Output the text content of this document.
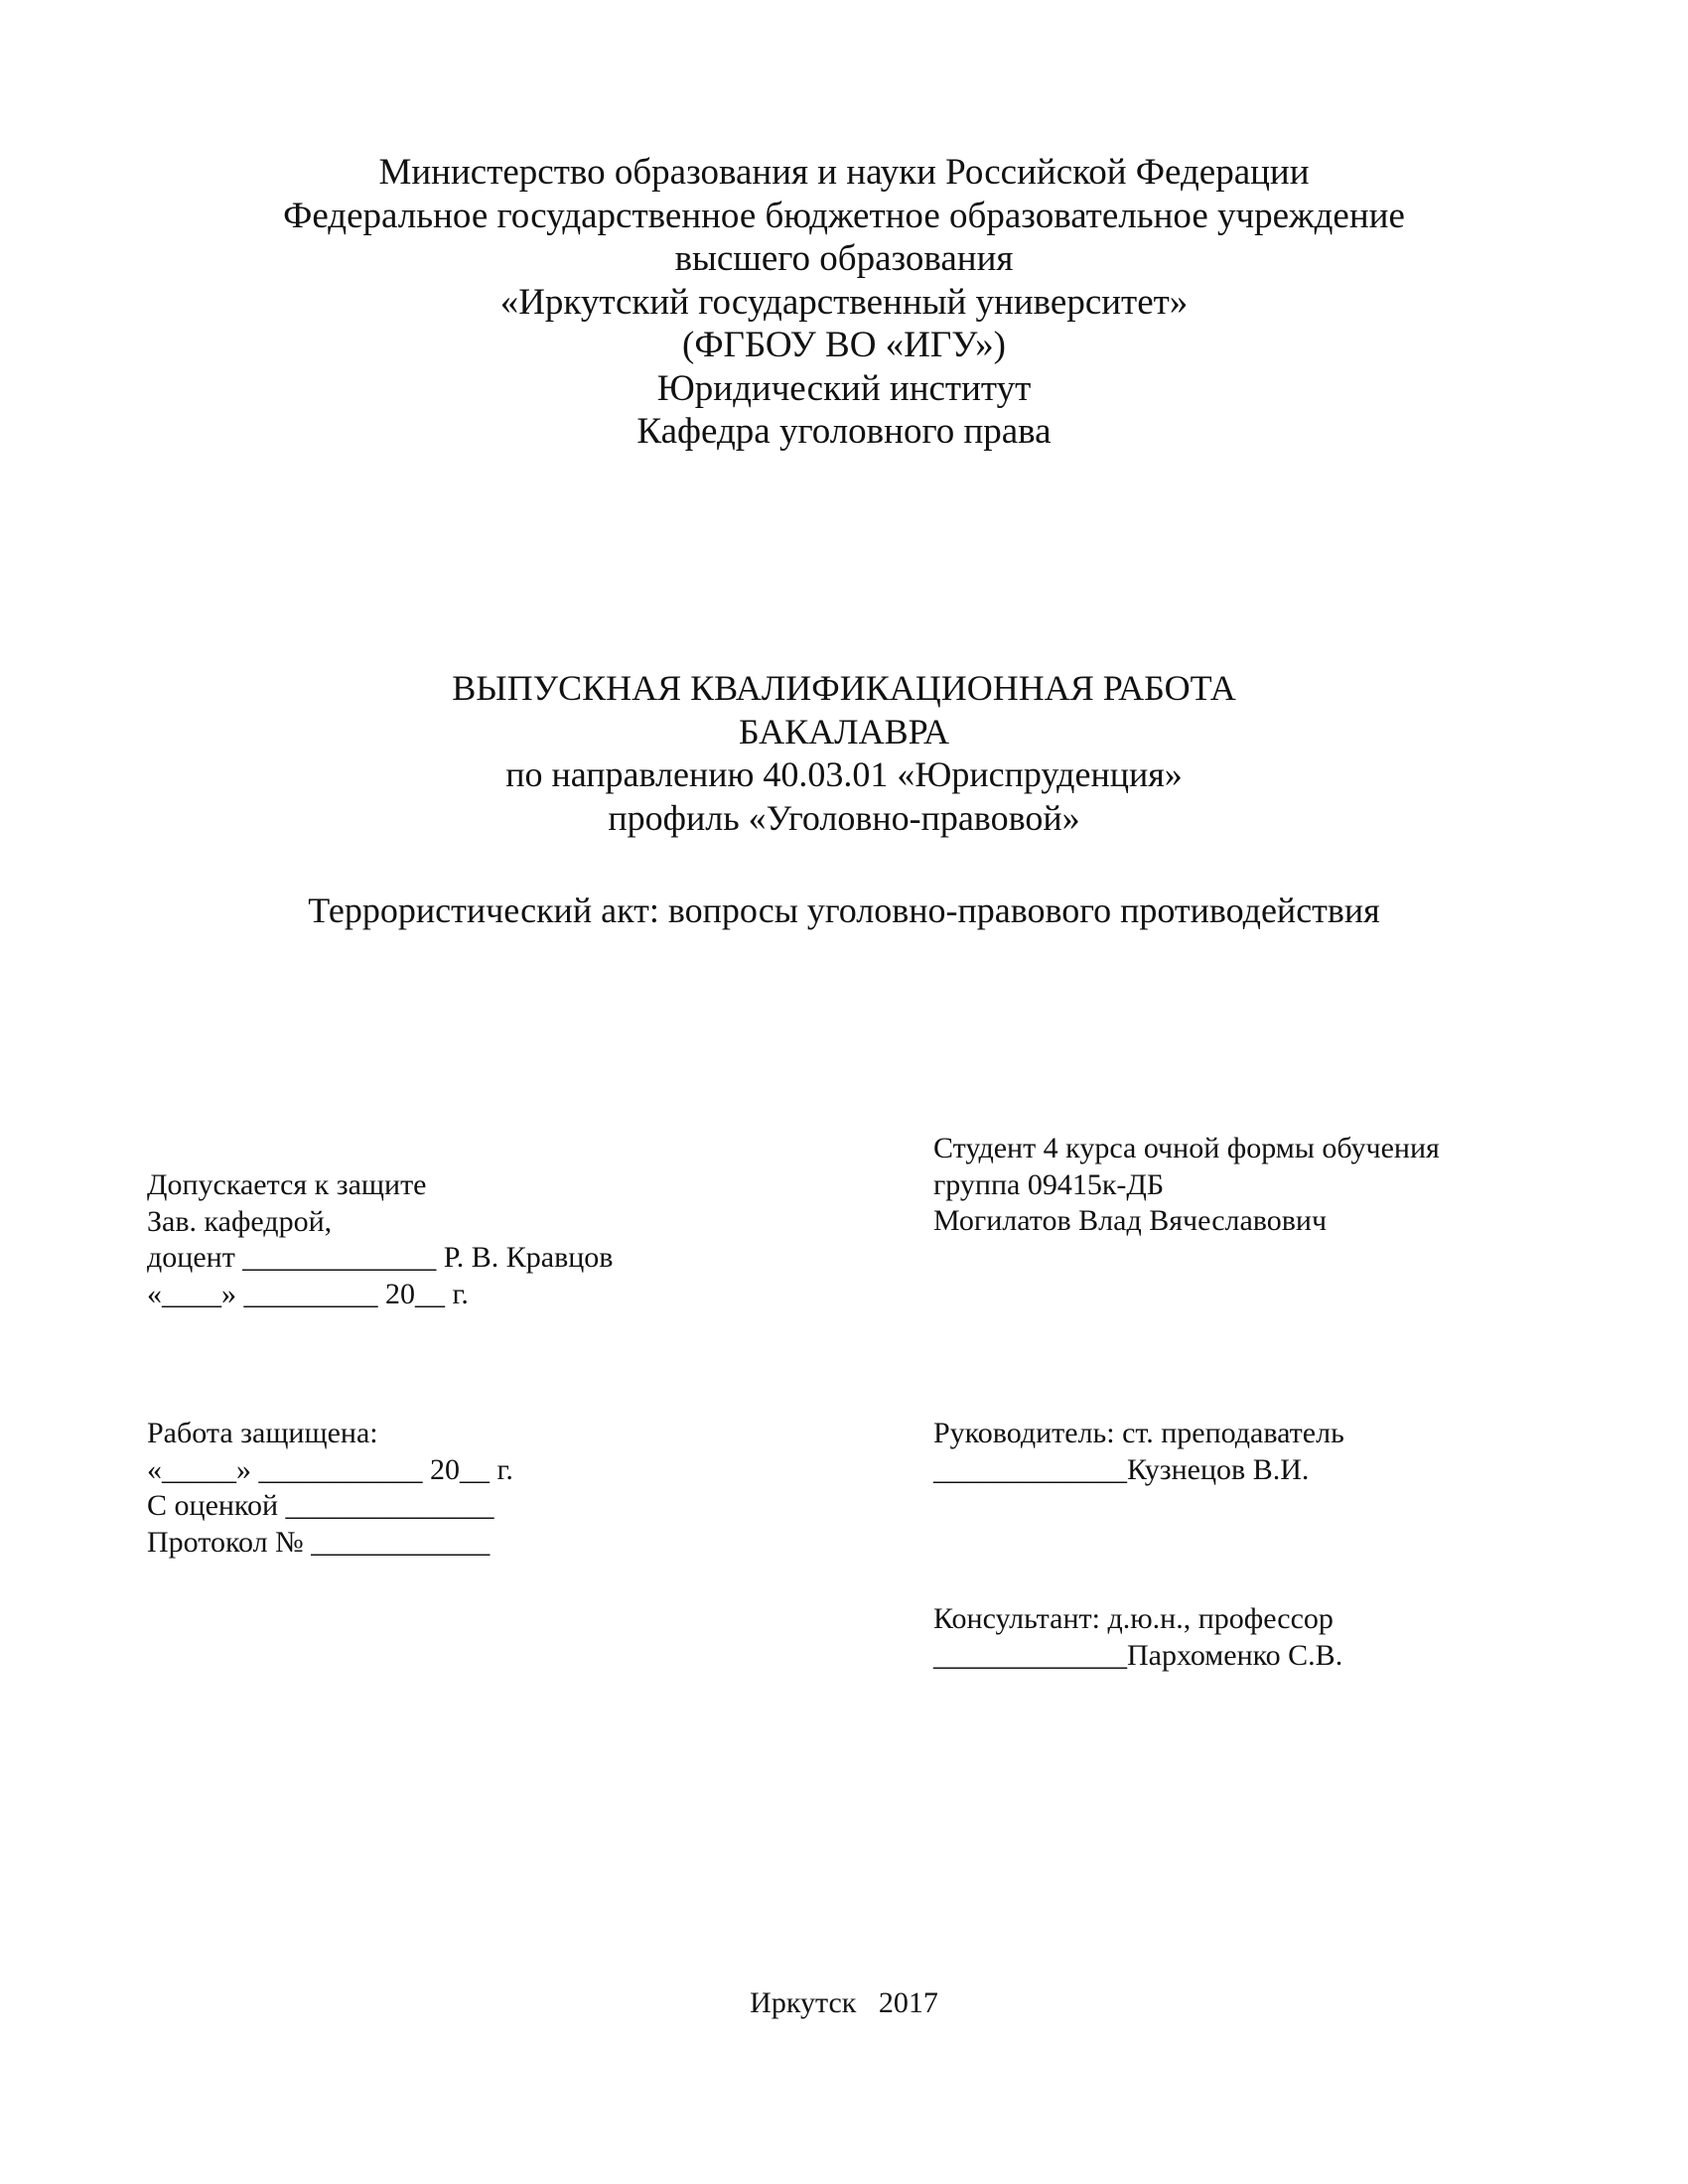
Министерство образования и науки Российской Федерации
Федеральное государственное бюджетное образовательное учреждение
высшего образования
«Иркутский государственный университет»
(ФГБОУ ВО «ИГУ»)
Юридический институт
Кафедра уголовного права
ВЫПУСКНАЯ КВАЛИФИКАЦИОННАЯ РАБОТА
БАКАЛАВРА
по направлению 40.03.01 «Юриспруденция»
профиль «Уголовно-правовой»
Террористический акт: вопросы уголовно-правового противодействия
Допускается к защите
Зав. кафедрой,
доцент _____________ Р. В. Кравцов
«____» _________ 20__ г.
Студент 4 курса очной формы обучения
группа 09415к-ДБ
Могилатов Влад Вячеславович
Работа защищена:
«_____» ___________ 20__ г.
С оценкой ______________
Протокол № ____________
Руководитель: ст. преподаватель
_____________Кузнецов В.И.
Консультант: д.ю.н., профессор
_____________Пархоменко С.В.
Иркутск   2017
